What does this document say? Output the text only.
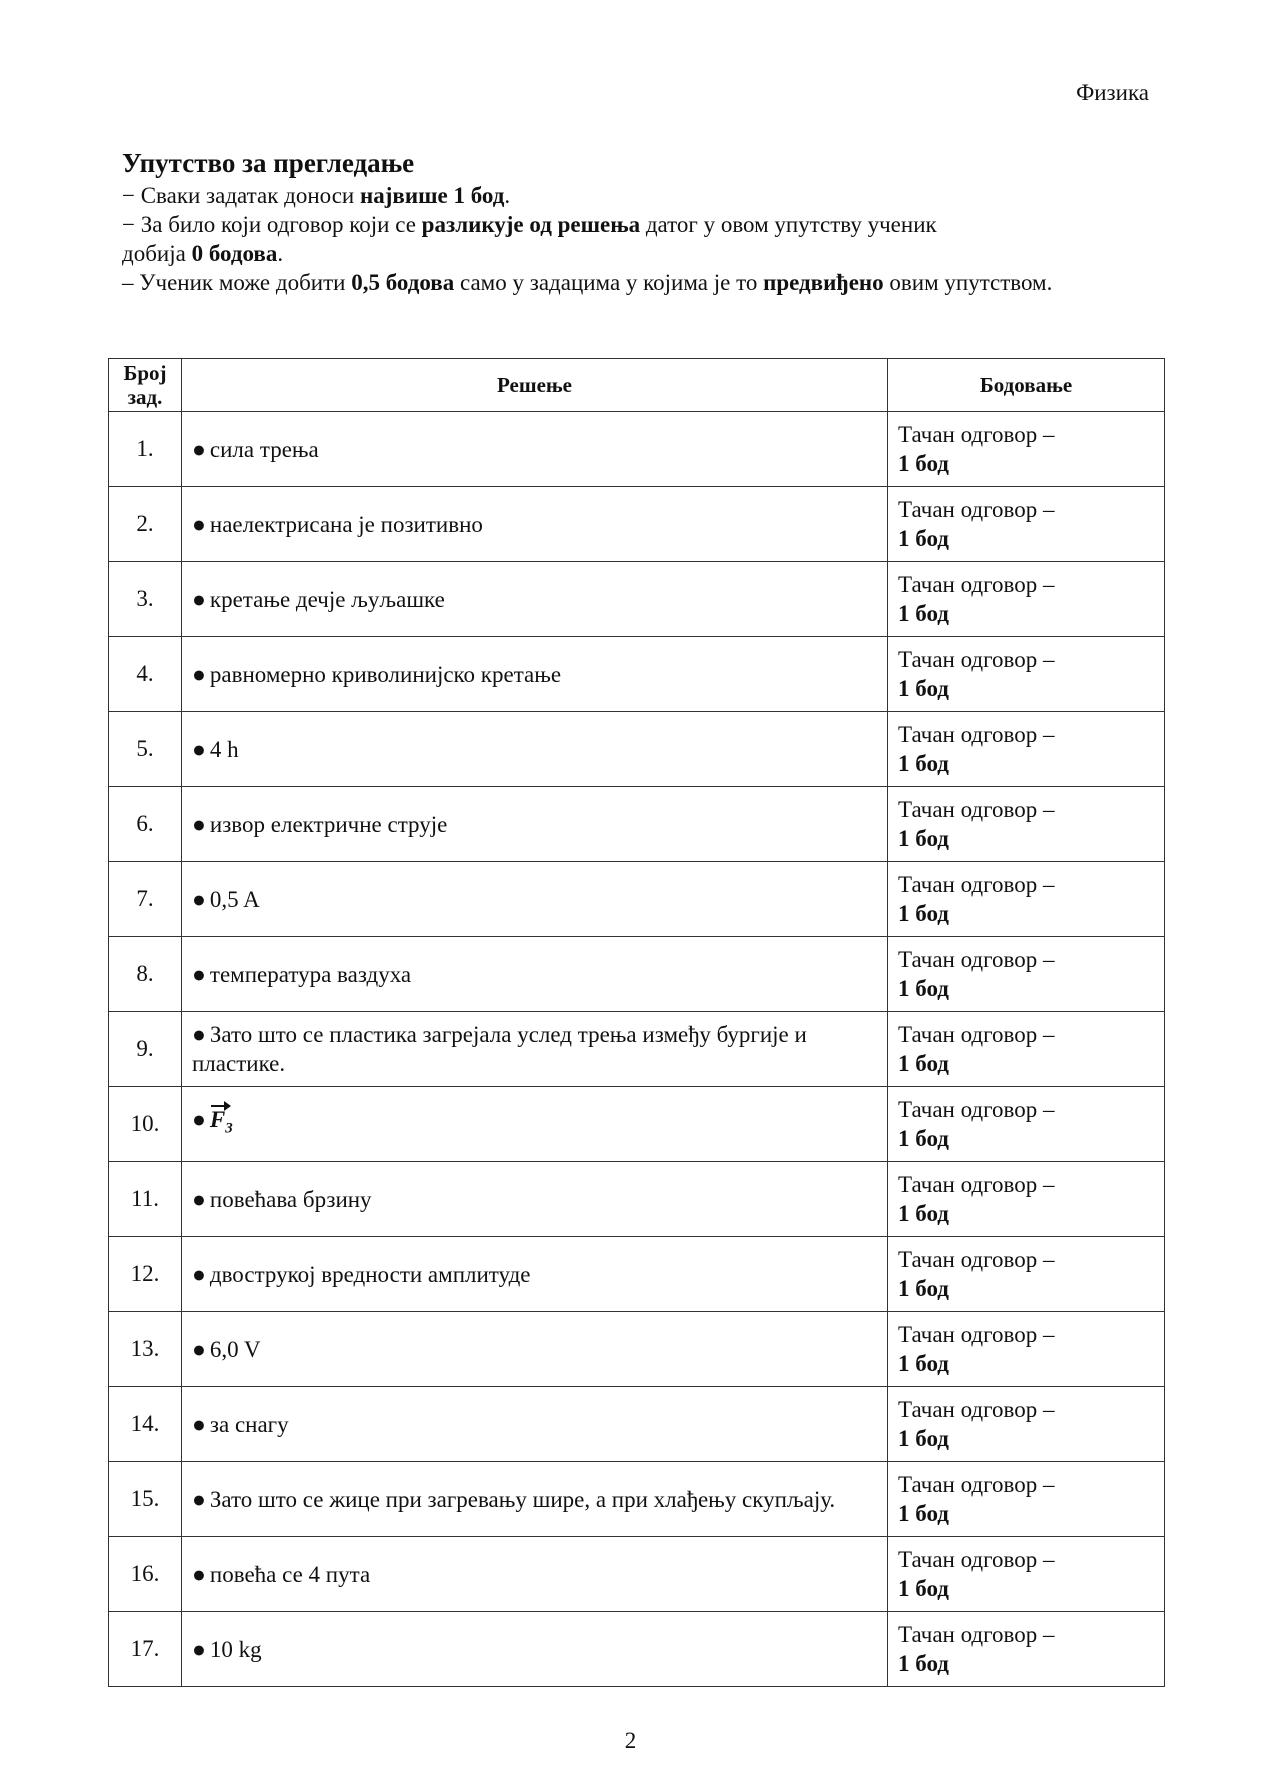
Физика
Упутство за прегледање

− Сваки задатак доноси највише 1 бод.

− За било који одговор који се разликује од решења датог у овом упутству ученик добија 0 бодова.

– Ученик може добити 0,5 бодова само у задацима у којима је то предвиђено овим упутством.

Број зад.	Решење	Бодовање
1.	● сила трења	Тачан одговор –
1 бод

2.	● наелектрисана је позитивно	Тачан одговор –
1 бод

3.	● кретање дечје љуљашке	Тачан одговор –
1 бод

4.	● равномерно криволинијско кретање	Тачан одговор –
1 бод

5.	● 4 h	Тачан одговор –
1 бод

6.	● извор електричне струје	Тачан одговор –
1 бод

7.	● 0,5 A	Тачан одговор –
1 бод

8.	● температура ваздуха	Тачан одговор –
1 бод

9.	● Зато што се пластика загрејала услед трења између бургије и пластике.	Тачан одговор –
1 бод

10.	● $F_3$	Тачан одговор –
1 бод

11.	● повећава брзину	Тачан одговор –
1 бод

12.	● двострукој вредности амплитуде	Тачан одговор –
1 бод

13.	● 6,0 V	Тачан одговор –
1 бод

14.	● за снагу	Тачан одговор –
1 бод

15.	● Зато што се жице при загревању шире, а при хлађењу скупљају.	Тачан одговор –
1 бод

16.	● повећа се 4 пута	Тачан одговор –
1 бод

17.	● 10 kg	Тачан одговор –
1 бод
2
